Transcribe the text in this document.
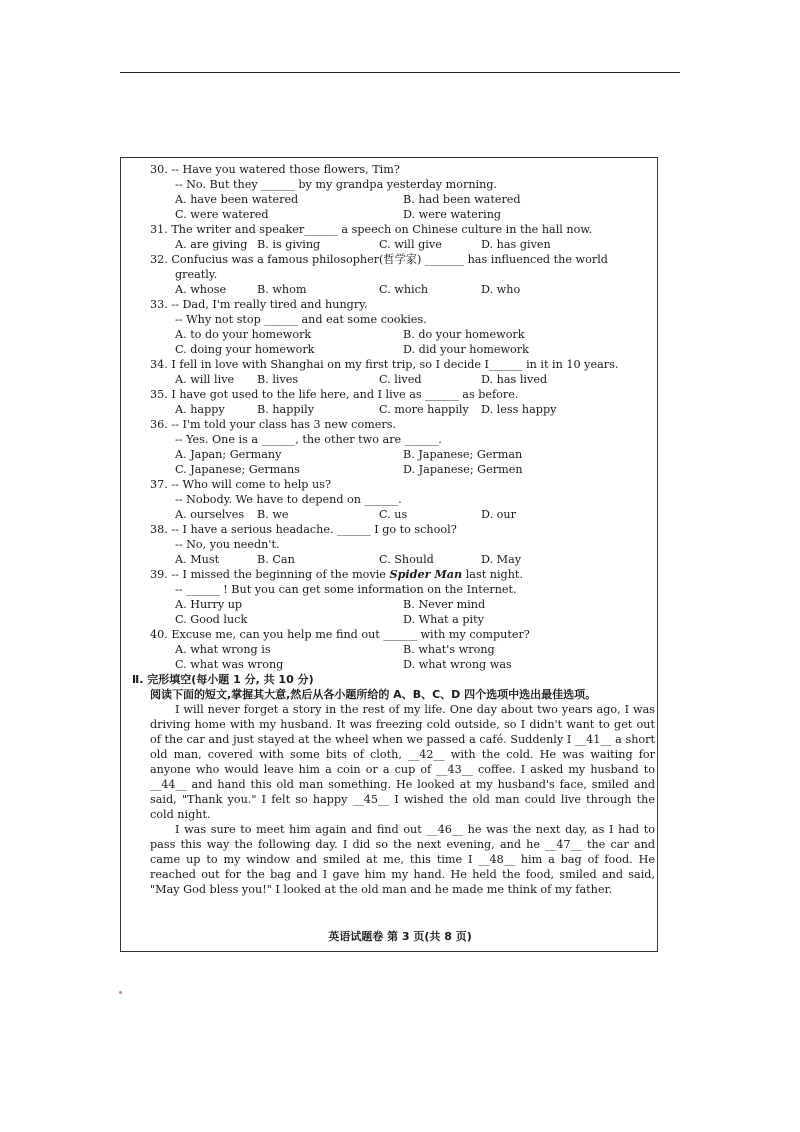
30. -- Have you watered those flowers, Tim?
-- No. But they ______ by my grandpa yesterday morning.
A. have been watered	B. had been watered
C. were watered	D. were watering
31. The writer and speaker______ a speech on Chinese culture in the hall now.
A. are giving B. is giving	C. will give	D. has given
32. Confucius was a famous philosopher(哲学家) _______ has influenced the world
greatly.
A. whose	B. whom	C. which	D. who
33. -- Dad, I'm really tired and hungry.
-- Why not stop ______ and eat some cookies.
A. to do your homework	B. do your homework
C. doing your homework	D. did your homework
34. I fell in love with Shanghai on my first trip, so I decide I______ in it in 10 years.
A. will live	B. lives	C. lived	D. has lived
35. I have got used to the life here, and I live as ______ as before.
A. happy	B. happily	C. more happily	D. less happy
36. -- I'm told your class has 3 new comers.
-- Yes. One is a ______, the other two are ______.
A. Japan; Germany	B. Japanese; German
C. Japanese; Germans	D. Japanese; Germen
37. -- Who will come to help us?
-- Nobody. We have to depend on ______.
A. ourselves	B. we	C. us	D. our
38. -- I have a serious headache. ______ I go to school?
-- No, you needn't.
A. Must	B. Can	C. Should	D. May
39. -- I missed the beginning of the movie Spider Man last night.
-- ______ ! But you can get some information on the Internet.
A. Hurry up	B. Never mind
C. Good luck	D. What a pity
40. Excuse me, can you help me find out ______ with my computer?
A. what wrong is	B. what's wrong
C. what was wrong	D. what wrong was
Ⅱ. 完形填空(每小题 1 分, 共 10 分)
阅读下面的短文,掌握其大意,然后从各小题所给的 A、B、C、D 四个选项中选出最佳选项。

I will never forget a story in the rest of my life. One day about two years ago, I was driving home with my husband. It was freezing cold outside, so I didn't want to get out of the car and just stayed at the wheel when we passed a café. Suddenly I __41__ a short old man, covered with some bits of cloth, __42__ with the cold. He was waiting for anyone who would leave him a coin or a cup of __43__ coffee. I asked my husband to __44__ and hand this old man something. He looked at my husband's face, smiled and said, "Thank you." I felt so happy __45__ I wished the old man could live through the cold night.

I was sure to meet him again and find out __46__ he was the next day, as I had to pass this way the following day. I did so the next evening, and he __47__ the car and came up to my window and smiled at me, this time I __48__ him a bag of food. He reached out for the bag and I gave him my hand. He held the food, smiled and said, "May God bless you!" I looked at the old man and he made me think of my father.

英语试题卷 第 3 页(共 8 页)
